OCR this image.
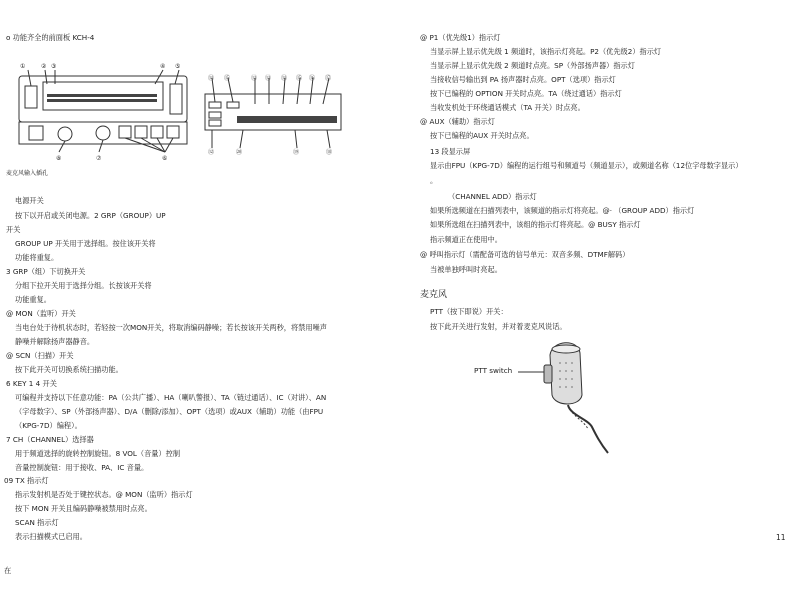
o 功能齐全的前面板 KCH-4
①	② ③	④ ⑤
⑥
⑦
⑧
⑭ ⑮	⑬ ⑬ ⑭ ⑮ ⑯ ⑰
⑫	⑳	⑲	⑱
麦克风输入插孔
电源开关
按下以开启或关闭电源。2 GRP（GROUP）UP
开关
GROUP UP 开关用于选择组。按住该开关将
功能将重复。
3 GRP（组）下切换开关
分组下拉开关用于选择分组。长按该开关将
功能重复。
@ MON（监听）开关
当电台处于待机状态时，若轻按一次MON开关，将取消编码静噪；若长按该开关两秒，将禁用噪声
静噪并解除扬声器静音。
@ SCN（扫描）开关
按下此开关可切换系统扫描功能。
6 KEY 1 4 开关
可编程并支持以下任意功能：PA（公共广播）、HA（喇叭警报）、TA（链过通话）、IC（对讲）、AN
（字母数字）、SP（外部扬声器）、D/A（删除/添加）、OPT（选项）或AUX（辅助）功能（由FPU
（KPG-7D）编程）。
7 CH（CHANNEL）选择器
用于频道选择的旋转控制旋钮。8 VOL（音量）控制
音量控制旋钮：用于接收、PA、IC 音量。
09 TX 指示灯
指示发射机是否处于键控状态。@ MON（监听）指示灯
按下 MON 开关且编码静噪被禁用时点亮。
SCAN 指示灯
表示扫描模式已启用。
在
@ P1（优先级1）指示灯
当显示屏上显示优先级 1 频道时，该指示灯亮起。P2（优先级2）指示灯
当显示屏上显示优先级 2 频道时点亮。SP（外部扬声器）指示灯
当接收信号输出到 PA 扬声器时点亮。OPT（选项）指示灯
按下已编程的 OPTION 开关时点亮。TA（绕过通话）指示灯
当收发机处于环绕通话模式（TA 开关）时点亮。
@ AUX（辅助）指示灯
按下已编程的AUX 开关时点亮。
13 段显示屏
显示由FPU（KPG-7D）编程的运行组号和频道号（频道显示），或频道名称（12位字母数字显示）
。
（CHANNEL ADD）指示灯
如果所选频道在扫描列表中，该频道的指示灯将亮起。@· （GROUP ADD）指示灯
如果所选组在扫描列表中，该组的指示灯将亮起。@ BUSY 指示灯
指示频道正在使用中。
@ 呼叫指示灯（需配备可选的信号单元：双音多频、DTMF解码）
当被单独呼叫时亮起。
麦克风
PTT（按下即说）开关：
按下此开关进行发射，并对着麦克风说话。
PTT switch
11
